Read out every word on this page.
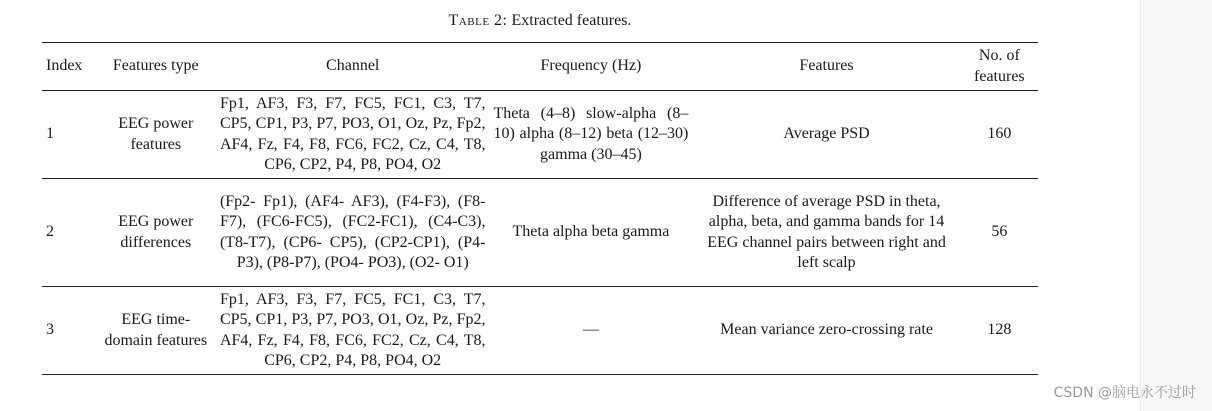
Table 2: Extracted features.
Index	Features type	Channel	Frequency (Hz)	Features	No. of features
1	EEG power features	Fp1, AF3, F3, F7, FC5, FC1, C3, T7, CP5, CP1, P3, P7, PO3, O1, Oz, Pz, Fp2, AF4, Fz, F4, F8, FC6, FC2, Cz, C4, T8, CP6, CP2, P4, P8, PO4, O2	Theta (4–8) slow-alpha (8–10) alpha (8–12) beta (12–30) gamma (30–45)	Average PSD	160
2	EEG power differences	(Fp2- Fp1), (AF4- AF3), (F4-F3), (F8-F7), (FC6-FC5), (FC2-FC1), (C4-C3), (T8-T7), (CP6- CP5), (CP2-CP1), (P4- P3), (P8-P7), (PO4- PO3), (O2- O1)	Theta alpha beta gamma	Difference of average PSD in theta, alpha, beta, and gamma bands for 14 EEG channel pairs between right and left scalp	56
3	EEG time-domain features	Fp1, AF3, F3, F7, FC5, FC1, C3, T7, CP5, CP1, P3, P7, PO3, O1, Oz, Pz, Fp2, AF4, Fz, F4, F8, FC6, FC2, Cz, C4, T8, CP6, CP2, P4, P8, PO4, O2	—	Mean variance zero-crossing rate	128
CSDN @脑电永不过时
